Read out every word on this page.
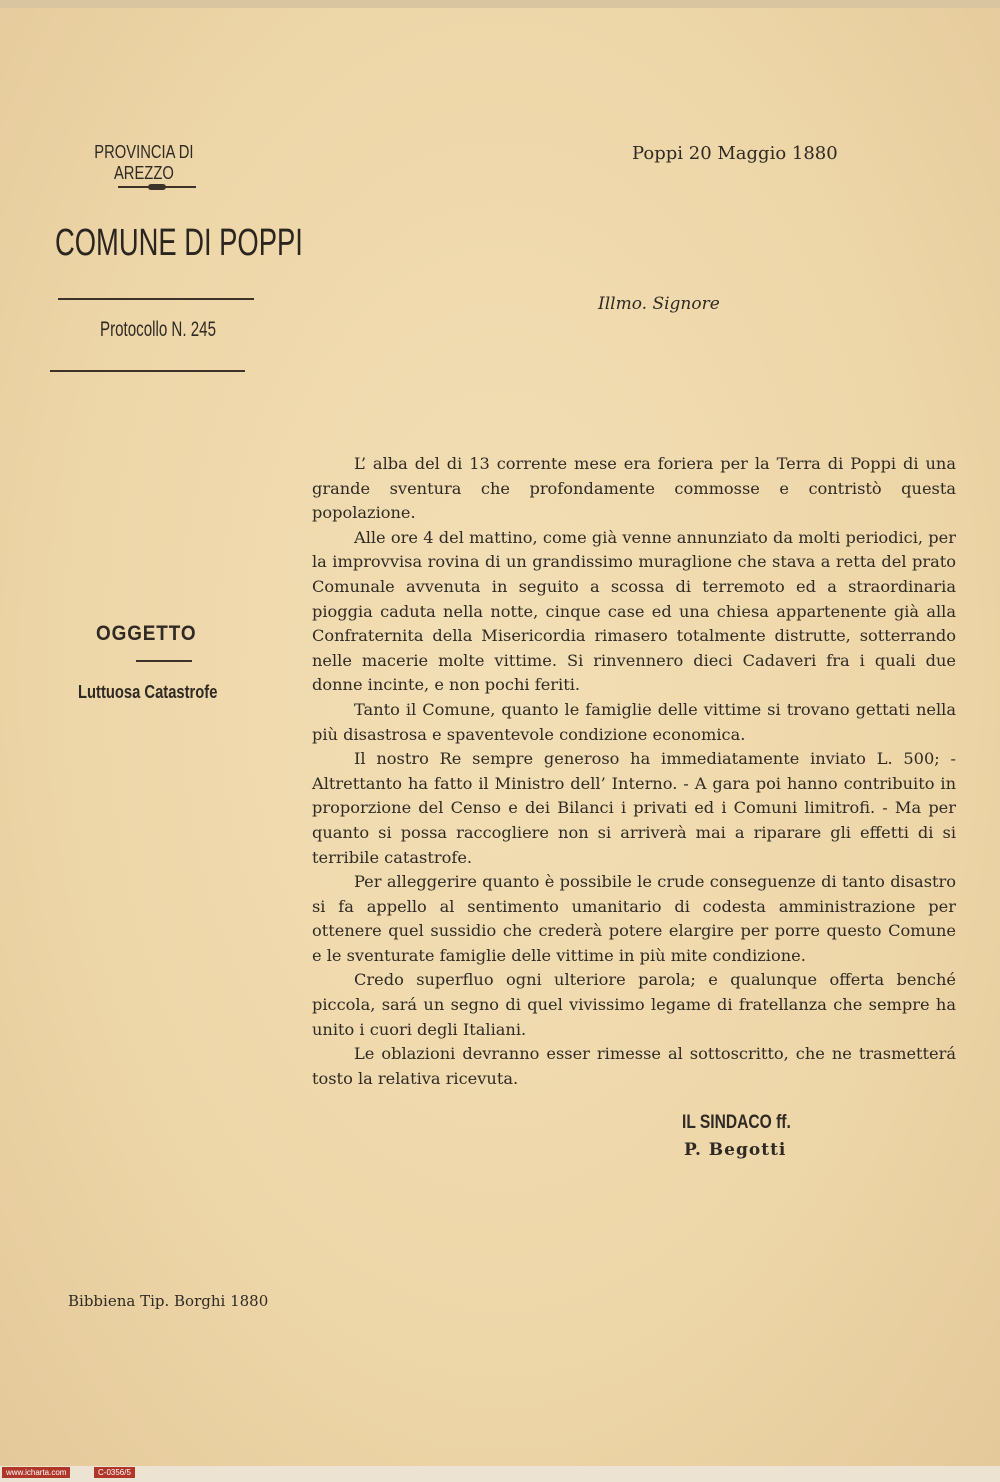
PROVINCIA DI AREZZO
COMUNE DI POPPI
Protocollo N. 245
Poppi 20 Maggio 1880
Illmo. Signore
OGGETTO
Luttuosa Catastrofe

L’ alba del di 13 corrente mese era foriera per la Terra di Poppi di una grande sventura che profondamente commosse e contristò questa popolazione.

Alle ore 4 del mattino, come già venne annunziato da molti periodici, per la improvvisa rovina di un grandissimo muraglione che stava a retta del prato Comunale avvenuta in seguito a scossa di terremoto ed a straordinaria pioggia caduta nella notte, cinque case ed una chiesa appartenente già alla Confraternita della Misericordia rimasero totalmente distrutte, sotterrando nelle macerie molte vittime. Si rinvennero dieci Cadaveri fra i quali due donne incinte, e non pochi feriti.

Tanto il Comune, quanto le famiglie delle vittime si trovano gettati nella più disastrosa e spaventevole condizione economica.

Il nostro Re sempre generoso ha immediatamente inviato L. 500; - Altrettanto ha fatto il Ministro dell’ Interno. - A gara poi hanno contribuito in proporzione del Censo e dei Bilanci i privati ed i Comuni limitrofi. - Ma per quanto si possa raccogliere non si arriverà mai a riparare gli effetti di si terribile catastrofe.

Per alleggerire quanto è possibile le crude conseguenze di tanto disastro si fa appello al sentimento umanitario di codesta amministrazione per ottenere quel sussidio che crederà potere elargire per porre questo Comune e le sventurate famiglie delle vittime in più mite condizione.

Credo superfluo ogni ulteriore parola; e qualunque offerta benché piccola, sará un segno di quel vivissimo legame di fratellanza che sempre ha unito i cuori degli Italiani.

Le oblazioni devranno esser rimesse al sottoscritto, che ne trasmetterá tosto la relativa ricevuta.

IL SINDACO ff.
P. Begotti
Bibbiena Tip. Borghi 1880
www.icharta.com	C-0356/5
